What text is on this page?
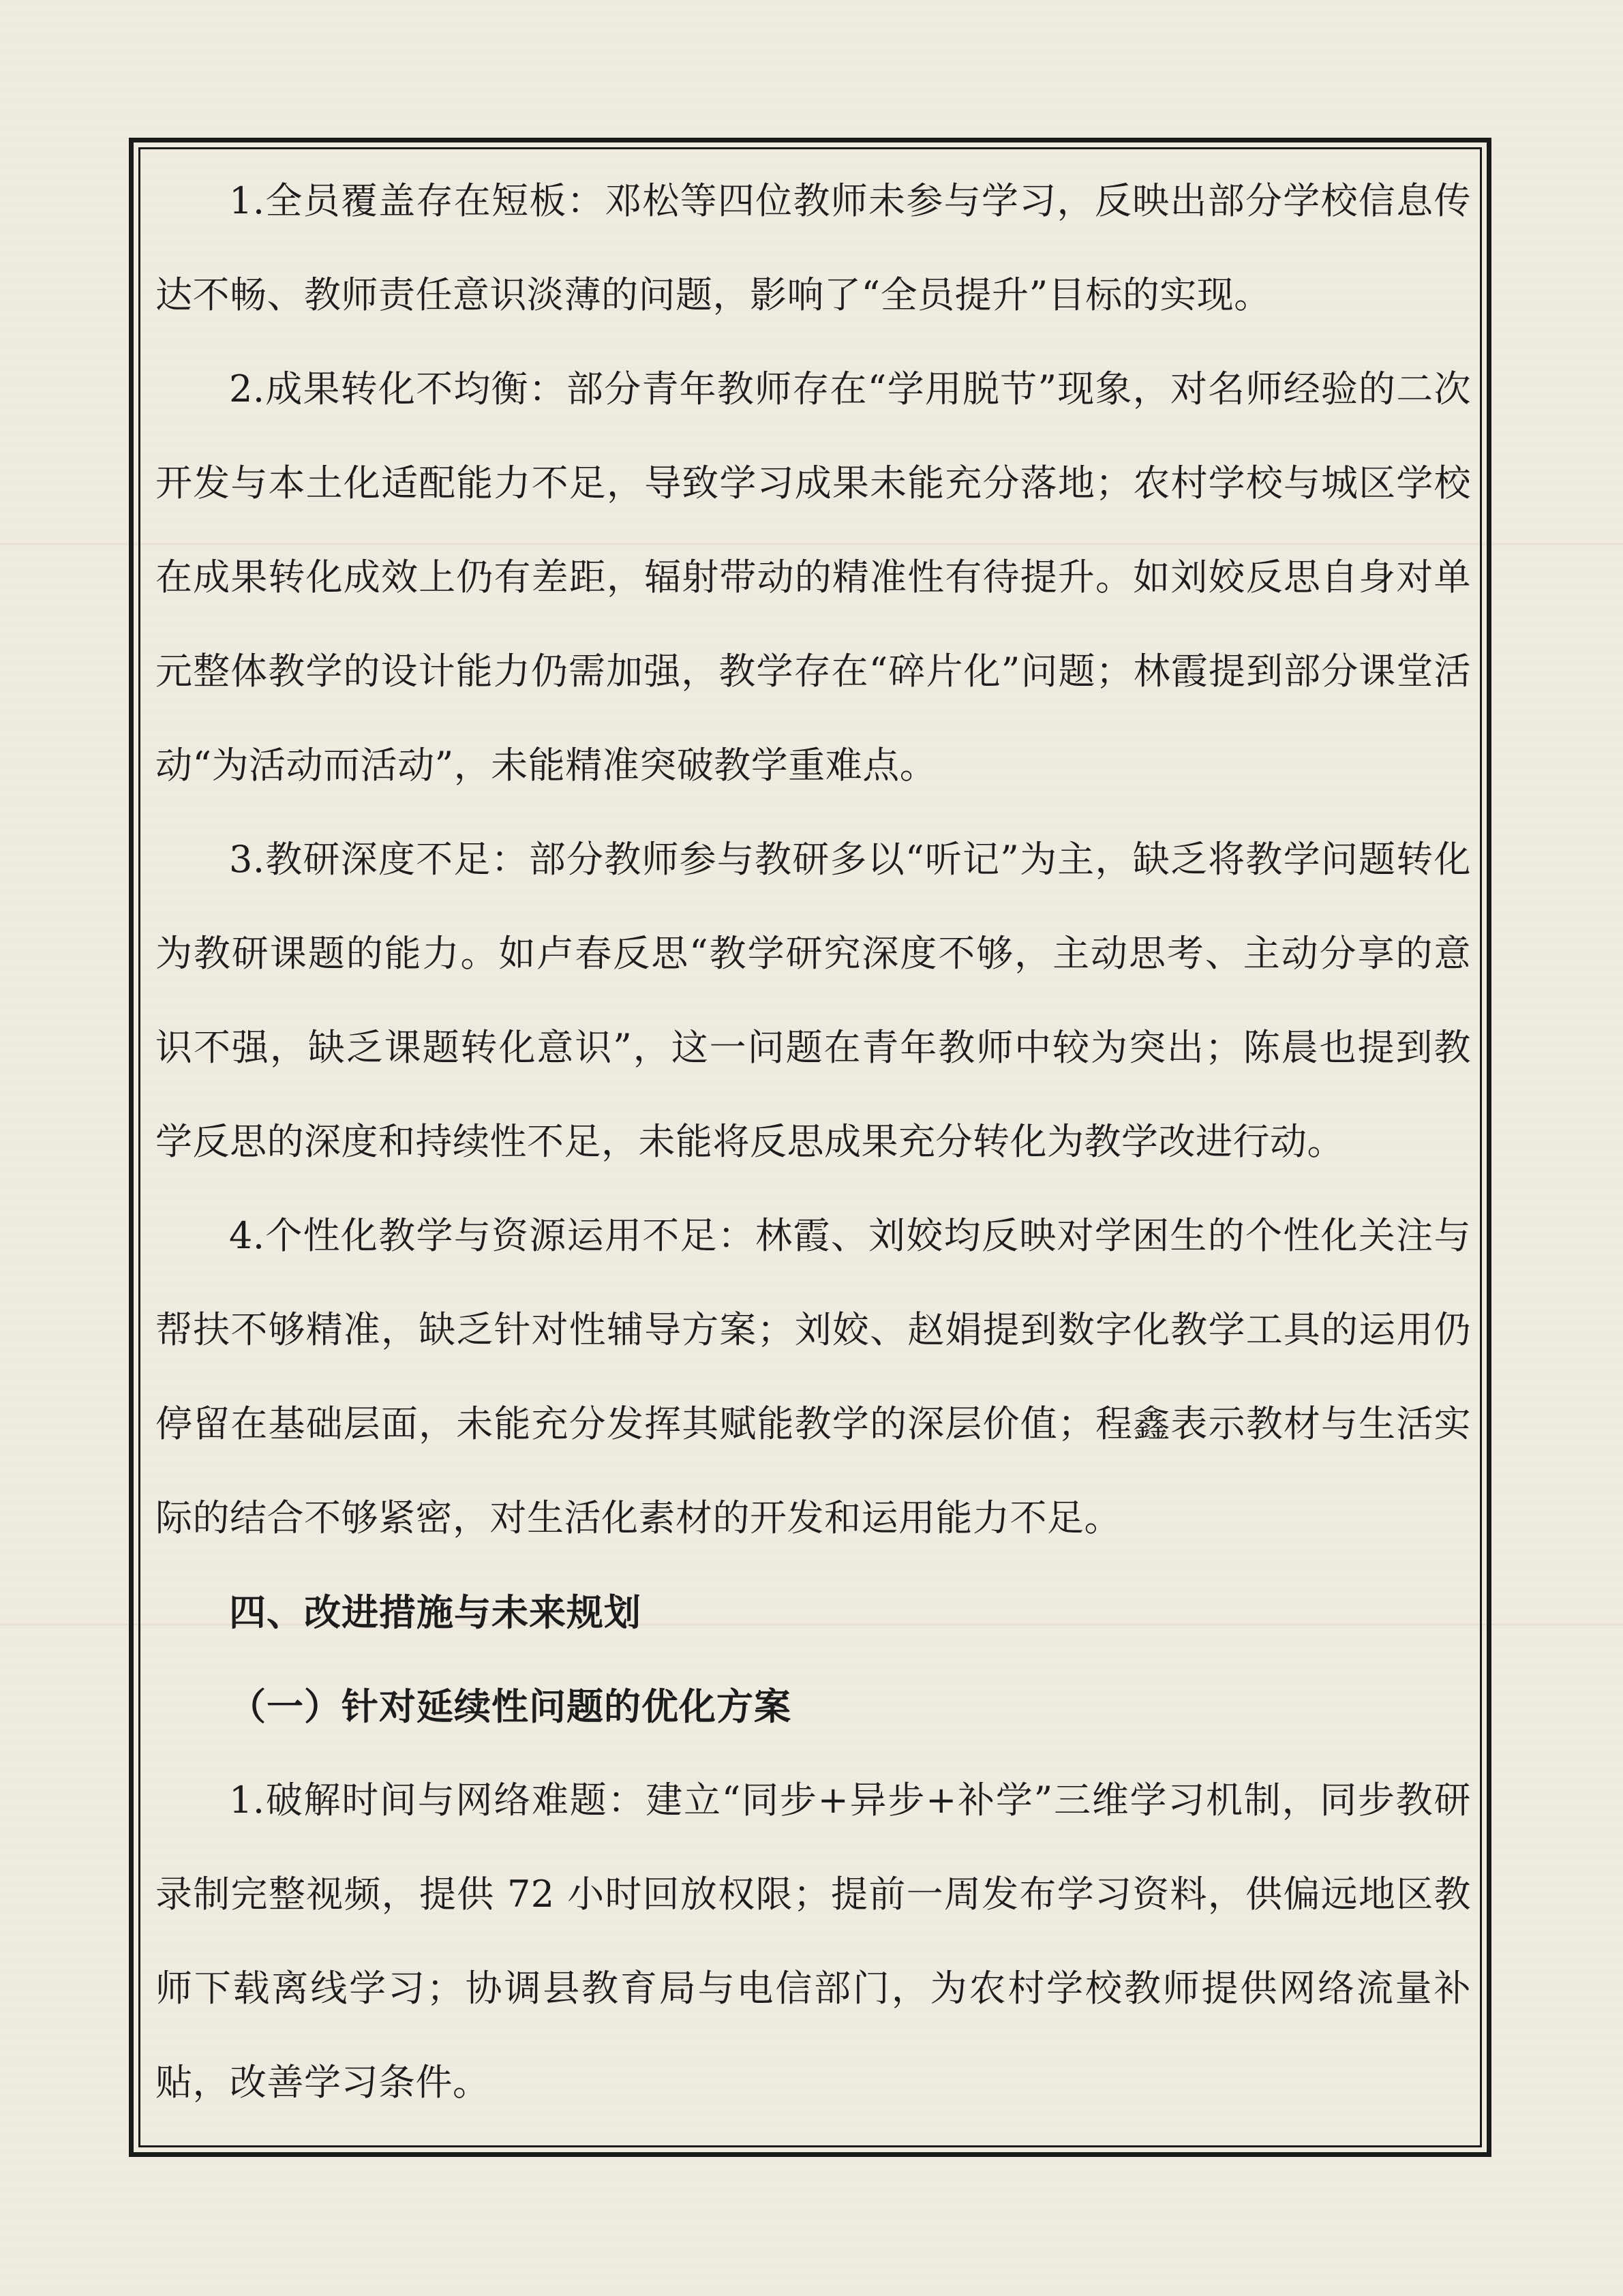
1.全员覆盖存在短板：邓松等四位教师未参与学习，反映出部分学校信息传达不畅、教师责任意识淡薄的问题，影响了“全员提升”目标的实现。

2.成果转化不均衡：部分青年教师存在“学用脱节”现象，对名师经验的二次开发与本土化适配能力不足，导致学习成果未能充分落地；农村学校与城区学校在成果转化成效上仍有差距，辐射带动的精准性有待提升。如刘姣反思自身对单元整体教学的设计能力仍需加强，教学存在“碎片化”问题；林霞提到部分课堂活动“为活动而活动”，未能精准突破教学重难点。

3.教研深度不足：部分教师参与教研多以“听记”为主，缺乏将教学问题转化为教研课题的能力。如卢春反思“教学研究深度不够，主动思考、主动分享的意识不强，缺乏课题转化意识”，这一问题在青年教师中较为突出；陈晨也提到教学反思的深度和持续性不足，未能将反思成果充分转化为教学改进行动。

4.个性化教学与资源运用不足：林霞、刘姣均反映对学困生的个性化关注与帮扶不够精准，缺乏针对性辅导方案；刘姣、赵娟提到数字化教学工具的运用仍停留在基础层面，未能充分发挥其赋能教学的深层价值；程鑫表示教材与生活实际的结合不够紧密，对生活化素材的开发和运用能力不足。

四、改进措施与未来规划
（一）针对延续性问题的优化方案

1.破解时间与网络难题：建立“同步+异步+补学”三维学习机制，同步教研录制完整视频，提供 72 小时回放权限；提前一周发布学习资料，供偏远地区教师下载离线学习；协调县教育局与电信部门，为农村学校教师提供网络流量补贴，改善学习条件。
